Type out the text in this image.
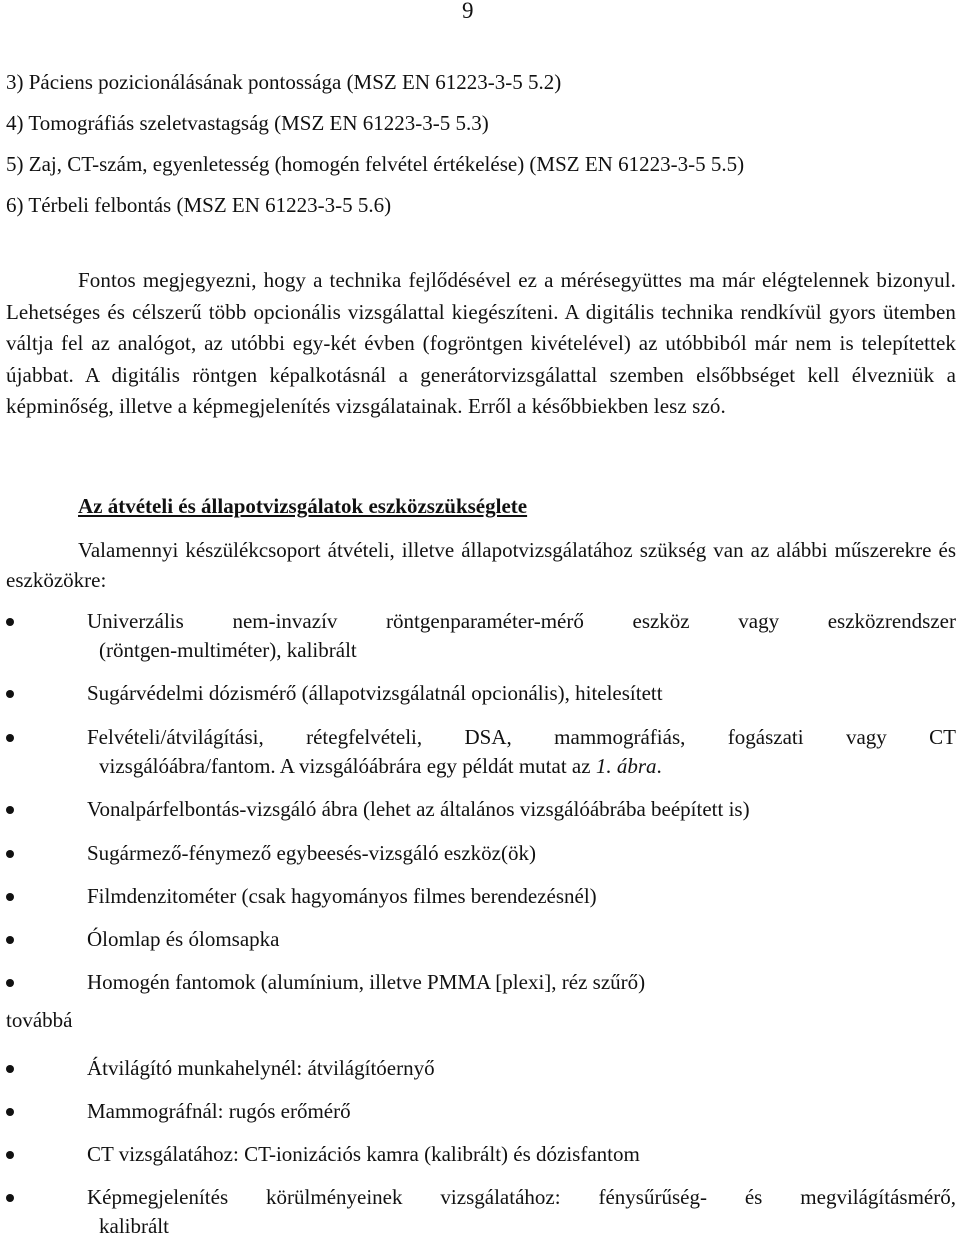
9
3) Páciens pozicionálásának pontossága (MSZ EN 61223-3-5 5.2)
4) Tomográfiás szeletvastagság (MSZ EN 61223-3-5 5.3)
5) Zaj, CT-szám, egyenletesség (homogén felvétel értékelése) (MSZ EN 61223-3-5 5.5)
6) Térbeli felbontás (MSZ EN 61223-3-5 5.6)

Fontos megjegyezni, hogy a technika fejlődésével ez a mérésegyüttes ma már elégtelennek bizonyul. Lehetséges és célszerű több opcionális vizsgálattal kiegészíteni. A digitális technika rendkívül gyors ütemben váltja fel az analógot, az utóbbi egy-két évben (fogröntgen kivételével) az utóbbiból már nem is telepítettek újabbat. A digitális röntgen képalkotásnál a generátorvizsgálattal szemben elsőbbséget kell élvezniük a képminőség, illetve a képmegjelenítés vizsgálatainak. Erről a későbbiekben lesz szó.

Az átvételi és állapotvizsgálatok eszközszükséglete

Valamennyi készülékcsoport átvételi, illetve állapotvizsgálatához szükség van az alábbi műszerekre és eszközökre:

Univerzális nem-invazív röntgenparaméter-mérő eszköz vagy eszközrendszer
(röntgen-multiméter), kalibrált
Sugárvédelmi dózismérő (állapotvizsgálatnál opcionális), hitelesített
Felvételi/átvilágítási, rétegfelvételi, DSA, mammográfiás, fogászati vagy CT
vizsgálóábra/fantom. A vizsgálóábrára egy példát mutat az 1. ábra.
Vonalpárfelbontás-vizsgáló ábra (lehet az általános vizsgálóábrába beépített is)
Sugármező-fénymező egybeesés-vizsgáló eszköz(ök)
Filmdenzitométer (csak hagyományos filmes berendezésnél)
Ólomlap és ólomsapka
Homogén fantomok (alumínium, illetve PMMA [plexi], réz szűrő)

továbbá

Átvilágító munkahelynél: átvilágítóernyő
Mammográfnál: rugós erőmérő
CT vizsgálatához: CT-ionizációs kamra (kalibrált) és dózisfantom
Képmegjelenítés körülményeinek vizsgálatához: fénysűrűség- és megvilágításmérő,
kalibrált
